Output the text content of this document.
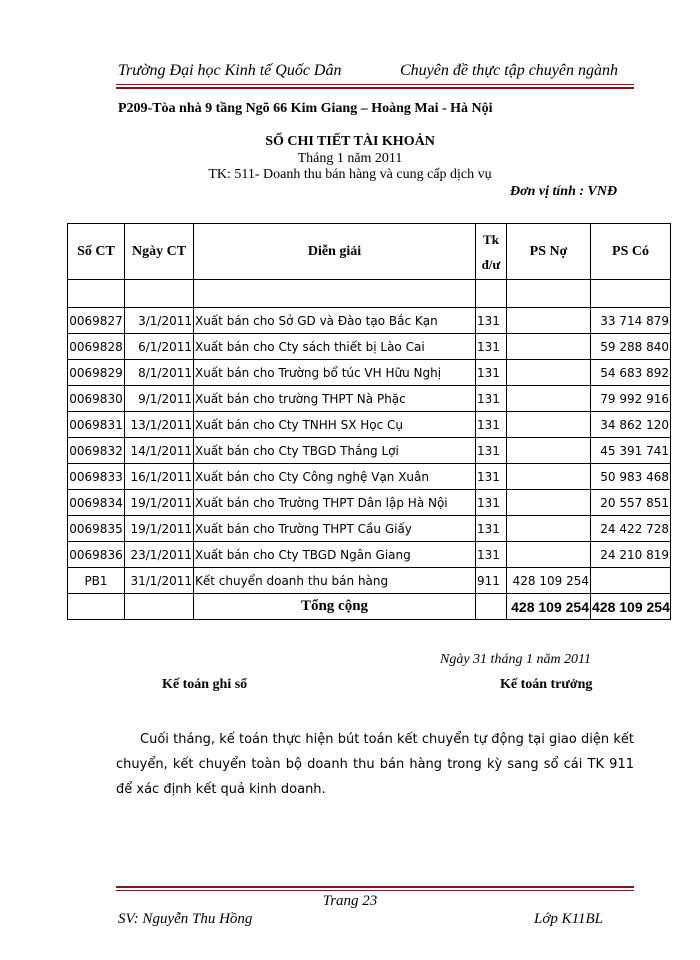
Trường Đại học Kinh tế Quốc Dân	Chuyên đề thực tập chuyên ngành
P209-Tòa nhà 9 tầng Ngõ 66 Kim Giang – Hoàng Mai - Hà Nội
SỔ CHI TIẾT TÀI KHOẢN
Tháng 1 năm 2011
TK: 511- Doanh thu bán hàng và cung cấp dịch vụ
Đơn vị tính : VNĐ
Số CT	Ngày CT	Diễn giải	Tk đ/ư	PS Nợ	PS Có

0069827	3/1/2011	Xuất bán cho Sở GD và Đào tạo Bắc Kạn	131		33 714 879
0069828	6/1/2011	Xuất bán cho Cty sách thiết bị Lào Cai	131		59 288 840
0069829	8/1/2011	Xuất bán cho Trường bổ túc VH Hữu Nghị	131		54 683 892
0069830	9/1/2011	Xuất bán cho trường THPT Nà Phặc	131		79 992 916
0069831	13/1/2011	Xuất bán cho Cty TNHH SX Học Cụ	131		34 862 120
0069832	14/1/2011	Xuất bán cho Cty TBGD Thắng Lợi	131		45 391 741
0069833	16/1/2011	Xuất bán cho Cty Công nghệ Vạn Xuân	131		50 983 468
0069834	19/1/2011	Xuất bán cho Trường THPT Dân lập Hà Nội	131		20 557 851
0069835	19/1/2011	Xuất bán cho Trường THPT Cầu Giấy	131		24 422 728
0069836	23/1/2011	Xuất bán cho Cty TBGD Ngân Giang	131		24 210 819
PB1	31/1/2011	Kết chuyển doanh thu bán hàng	911	428 109 254	
		Tổng cộng		428 109 254	428 109 254
Ngày 31 tháng 1 năm 2011
Kế toán ghi sổ	Kế toán trưởng
Cuối tháng, kế toán thực hiện bút toán kết chuyển tự động tại giao diện kết chuyển, kết chuyển toàn bộ doanh thu bán hàng trong kỳ sang sổ cái TK 911 để xác định kết quả kinh doanh.
Trang 23
SV: Nguyễn Thu Hồng	Lớp K11BL
